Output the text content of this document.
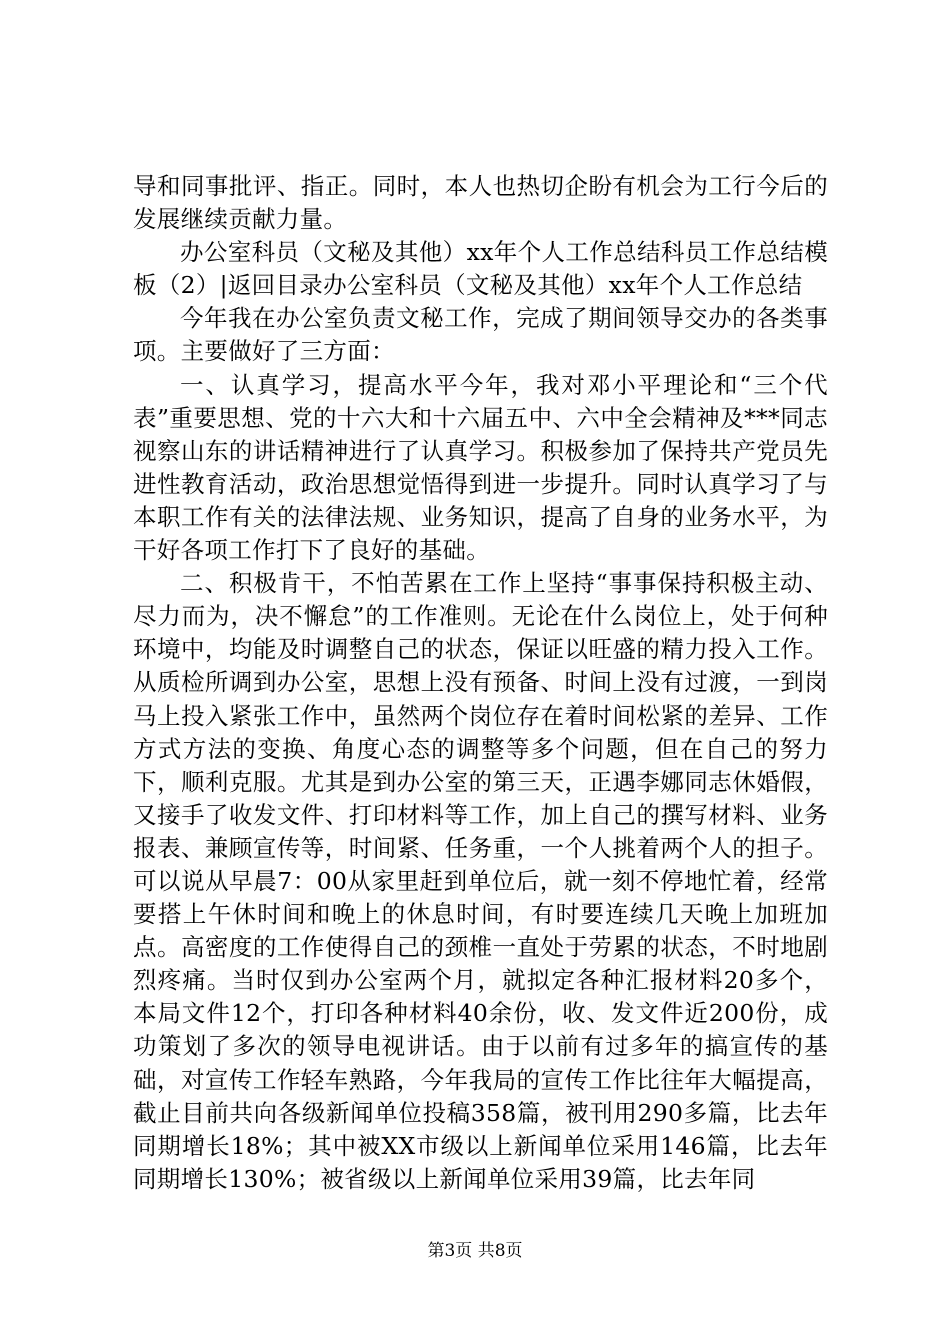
导和同事批评、指正。同时，本人也热切企盼有机会为工行今后的发展继续贡献力量。

办公室科员（文秘及其他）xx年个人工作总结科员工作总结模板（2）|返回目录办公室科员（文秘及其他）xx年个人工作总结

今年我在办公室负责文秘工作，完成了期间领导交办的各类事项。主要做好了三方面：

一、认真学习，提高水平今年，我对邓小平理论和“三个代表”重要思想、党的十六大和十六届五中、六中全会精神及***同志视察山东的讲话精神进行了认真学习。积极参加了保持共产党员先进性教育活动，政治思想觉悟得到进一步提升。同时认真学习了与本职工作有关的法律法规、业务知识，提高了自身的业务水平，为干好各项工作打下了良好的基础。

二、积极肯干，不怕苦累在工作上坚持“事事保持积极主动、尽力而为，决不懈怠”的工作准则。无论在什么岗位上，处于何种环境中，均能及时调整自己的状态，保证以旺盛的精力投入工作。从质检所调到办公室，思想上没有预备、时间上没有过渡，一到岗马上投入紧张工作中，虽然两个岗位存在着时间松紧的差异、工作方式方法的变换、角度心态的调整等多个问题，但在自己的努力下，顺利克服。尤其是到办公室的第三天，正遇李娜同志休婚假，又接手了收发文件、打印材料等工作，加上自己的撰写材料、业务报表、兼顾宣传等，时间紧、任务重，一个人挑着两个人的担子。可以说从早晨7：00从家里赶到单位后，就一刻不停地忙着，经常要搭上午休时间和晚上的休息时间，有时要连续几天晚上加班加点。高密度的工作使得自己的颈椎一直处于劳累的状态，不时地剧烈疼痛。当时仅到办公室两个月，就拟定各种汇报材料20多个，本局文件12个，打印各种材料40余份，收、发文件近200份，成功策划了多次的领导电视讲话。由于以前有过多年的搞宣传的基础，对宣传工作轻车熟路，今年我局的宣传工作比往年大幅提高，截止目前共向各级新闻单位投稿358篇，被刊用290多篇，比去年同期增长18%；其中被XX市级以上新闻单位采用146篇，比去年同期增长130%；被省级以上新闻单位采用39篇，比去年同

第3页 共8页
